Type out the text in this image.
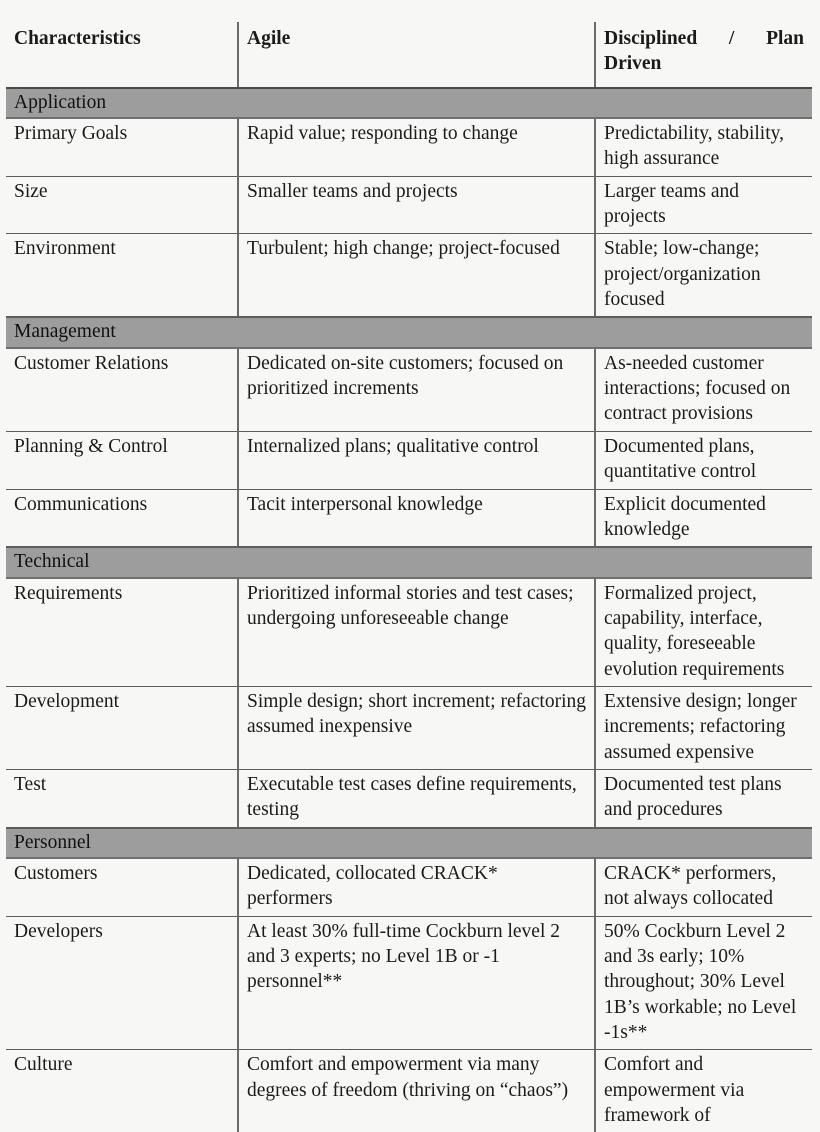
Characteristics	Agile	Disciplined / Plan
Driven

Application		
Primary Goals	Rapid value; responding to change	Predictability, stability, high assurance
Size	Smaller teams and projects	Larger teams and projects
Environment	Turbulent; high change; project-focused	Stable; low-change; project/organization focused
Management		
Customer Relations	Dedicated on-site customers; focused on prioritized increments	As-needed customer interactions; focused on contract provisions
Planning & Control	Internalized plans; qualitative control	Documented plans, quantitative control
Communications	Tacit interpersonal knowledge	Explicit documented knowledge
Technical		
Requirements	Prioritized informal stories and test cases; undergoing unforeseeable change	Formalized project, capability, interface, quality, foreseeable evolution requirements
Development	Simple design; short increment; refactoring assumed inexpensive	Extensive design; longer increments; refactoring assumed expensive
Test	Executable test cases define requirements, testing	Documented test plans and procedures
Personnel		
Customers	Dedicated, collocated CRACK* performers	CRACK* performers, not always collocated
Developers	At least 30% full-time Cockburn level 2 and 3 experts; no Level 1B or -1 personnel**	50% Cockburn Level 2 and 3s early; 10% throughout; 30% Level 1B’s workable; no Level -1s**
Culture	Comfort and empowerment via many degrees of freedom (thriving on “chaos”)	Comfort and empowerment via framework of
